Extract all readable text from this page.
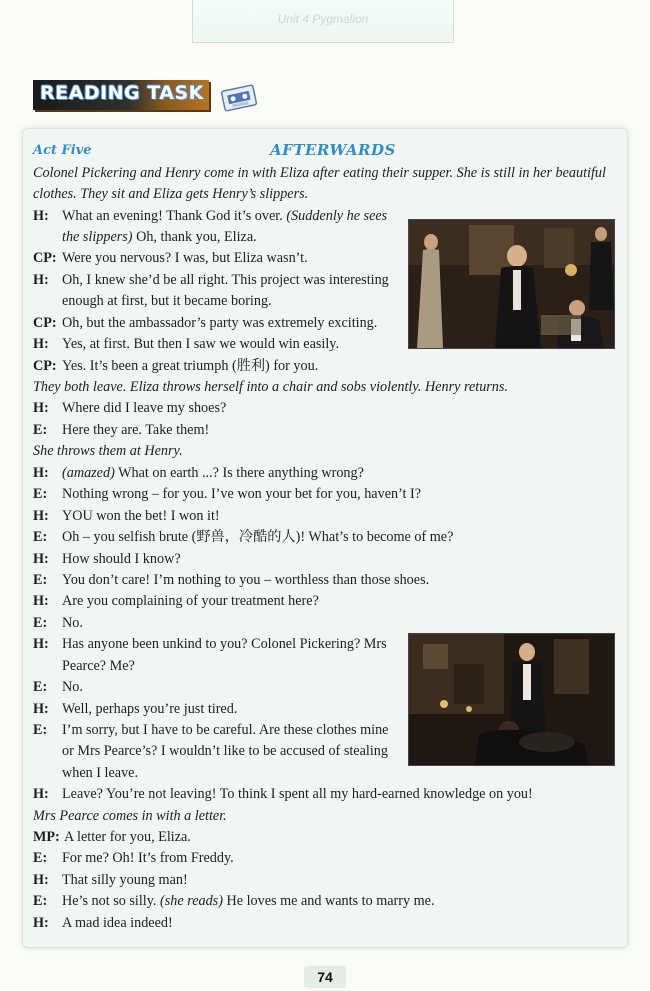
Unit 4 Pygmalion
READING TASK
Act Five	AFTERWARDS
Colonel Pickering and Henry come in with Eliza after eating their supper. She is still in her beautiful
clothes. They sit and Eliza gets Henry’s slippers.
H: What an evening! Thank God it’s over. (Suddenly he sees
the slippers) Oh, thank you, Eliza.
CP: Were you nervous? I was, but Eliza wasn’t.
H: Oh, I knew she’d be all right. This project was interesting
enough at first, but it became boring.
CP: Oh, but the ambassador’s party was extremely exciting.
H: Yes, at first. But then I saw we would win easily.
CP: Yes. It’s been a great triumph (胜利) for you.
They both leave. Eliza throws herself into a chair and sobs violently. Henry returns.
H: Where did I leave my shoes?
E: Here they are. Take them!
She throws them at Henry.
H: (amazed) What on earth ...? Is there anything wrong?
E: Nothing wrong – for you. I’ve won your bet for you, haven’t I?
H: YOU won the bet! I won it!
E: Oh – you selfish brute (野兽，冷酷的人)! What’s to become of me?
H: How should I know?
E: You don’t care! I’m nothing to you – worthless than those shoes.
H: Are you complaining of your treatment here?
E: No.
H: Has anyone been unkind to you? Colonel Pickering? Mrs
Pearce? Me?
E: No.
H: Well, perhaps you’re just tired.
E: I’m sorry, but I have to be careful. Are these clothes mine
or Mrs Pearce’s? I wouldn’t like to be accused of stealing
when I leave.
H: Leave? You’re not leaving! To think I spent all my hard-earned knowledge on you!
Mrs Pearce comes in with a letter.
MP: A letter for you, Eliza.
E: For me? Oh! It’s from Freddy.
H: That silly young man!
E: He’s not so silly. (she reads) He loves me and wants to marry me.
H: A mad idea indeed!
74
